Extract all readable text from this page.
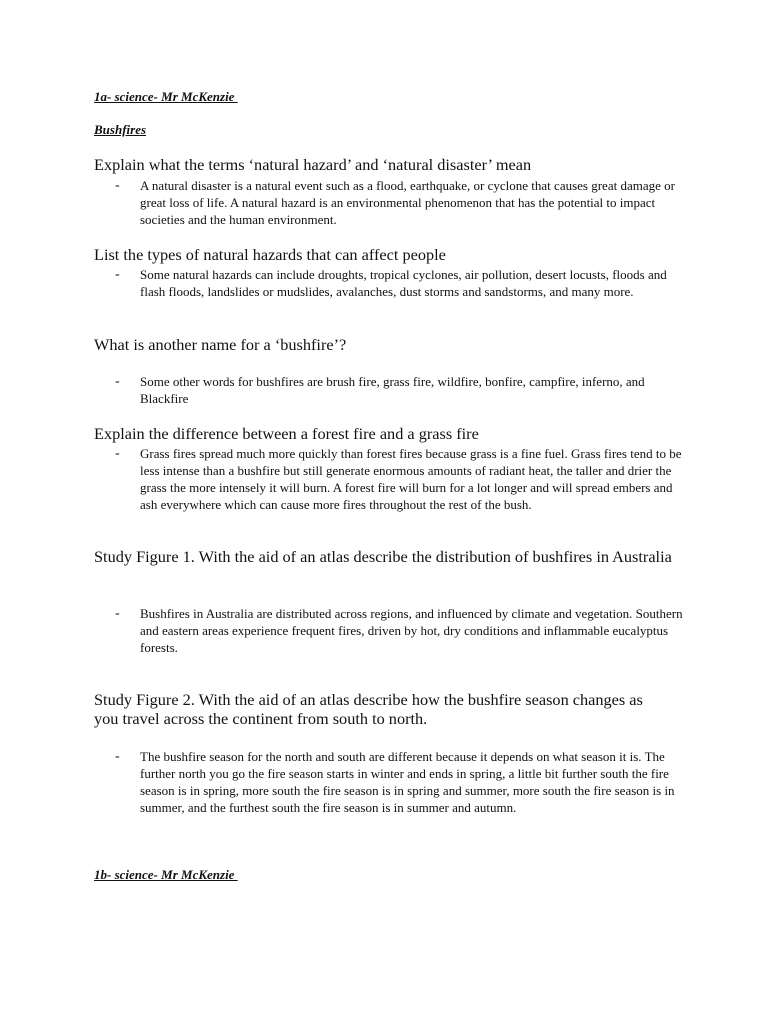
1a- science- Mr McKenzie
Bushfires
Explain what the terms ‘natural hazard’ and ‘natural disaster’ mean
- A natural disaster is a natural event such as a flood, earthquake, or cyclone that causes great damage or great loss of life. A natural hazard is an environmental phenomenon that has the potential to impact societies and the human environment.
List the types of natural hazards that can affect people
- Some natural hazards can include droughts, tropical cyclones, air pollution, desert locusts, floods and flash floods, landslides or mudslides, avalanches, dust storms and sandstorms, and many more.
What is another name for a ‘bushfire’?
- Some other words for bushfires are brush fire, grass fire, wildfire, bonfire, campfire, inferno, and Blackfire
Explain the difference between a forest fire and a grass fire
- Grass fires spread much more quickly than forest fires because grass is a fine fuel. Grass fires tend to be less intense than a bushfire but still generate enormous amounts of radiant heat, the taller and drier the grass the more intensely it will burn. A forest fire will burn for a lot longer and will spread embers and ash everywhere which can cause more fires throughout the rest of the bush.
Study Figure 1. With the aid of an atlas describe the distribution of bushfires in Australia
- Bushfires in Australia are distributed across regions, and influenced by climate and vegetation. Southern and eastern areas experience frequent fires, driven by hot, dry conditions and inflammable eucalyptus forests.
Study Figure 2. With the aid of an atlas describe how the bushfire season changes as you travel across the continent from south to north.
- The bushfire season for the north and south are different because it depends on what season it is. The further north you go the fire season starts in winter and ends in spring, a little bit further south the fire season is in spring, more south the fire season is in spring and summer, more south the fire season is in summer, and the furthest south the fire season is in summer and autumn.
1b- science- Mr McKenzie
